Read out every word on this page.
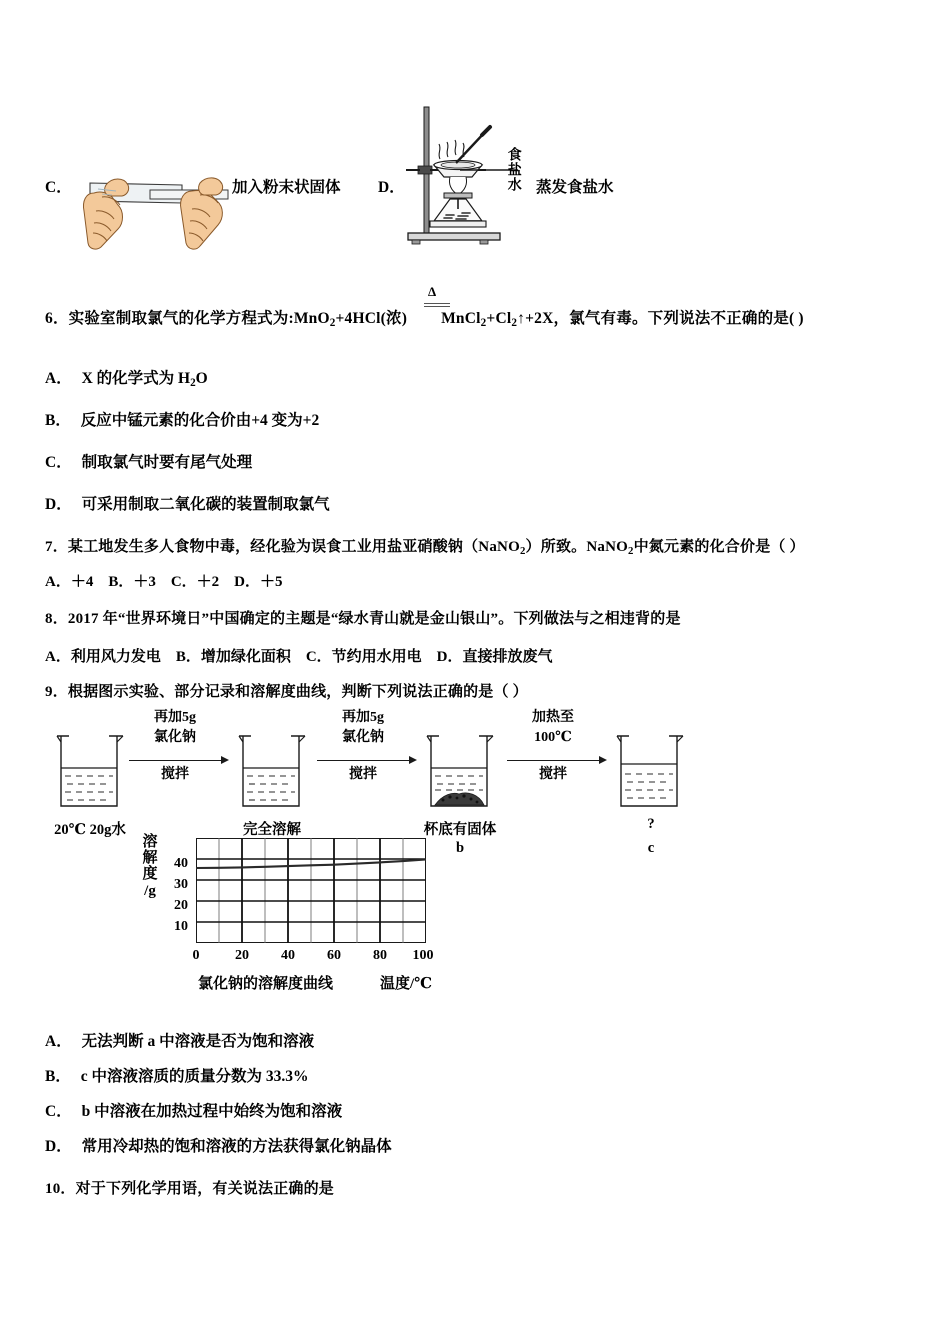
C．	加入粉末状固体 D．	食盐水 蒸发食盐水
Δ
6．实验室制取氯气的化学方程式为:MnO$_2$+4HCl(浓) $MnCl_2+Cl_2↑+2X$，氯气有毒。下列说法不正确的是( )
A． X 的化学式为 $H_2O$
B． 反应中锰元素的化合价由+4 变为+2
C． 制取氯气时要有尾气处理
D． 可采用制取二氧化碳的装置制取氯气
7．某工地发生多人食物中毒，经化验为误食工业用盐亚硝酸钠（NaNO$_2$）所致。NaNO$_2$中氮元素的化合价是（ ）
A．＋4　B．＋3　C．＋2　D．＋5
8．2017 年“世界环境日”中国确定的主题是“绿水青山就是金山银山”。下列做法与之相违背的是
A．利用风力发电　B．增加绿化面积　C．节约用水用电　D．直接排放废气
9．根据图示实验、部分记录和溶解度曲线，判断下列说法正确的是（ ）
20℃ 20g水
再加5g
氯化钠
搅拌
完全溶解
再加5g
氯化钠
搅拌
杯底有固体
b
加热至
100℃
搅拌
?
c
溶
解
度
/g
40
30
20
10
0	20	40	60	80	100
氯化钠的溶解度曲线	温度/℃
A． 无法判断 a 中溶液是否为饱和溶液
B． c 中溶液溶质的质量分数为 33.3%
C． b 中溶液在加热过程中始终为饱和溶液
D． 常用冷却热的饱和溶液的方法获得氯化钠晶体
10．对于下列化学用语，有关说法正确的是
